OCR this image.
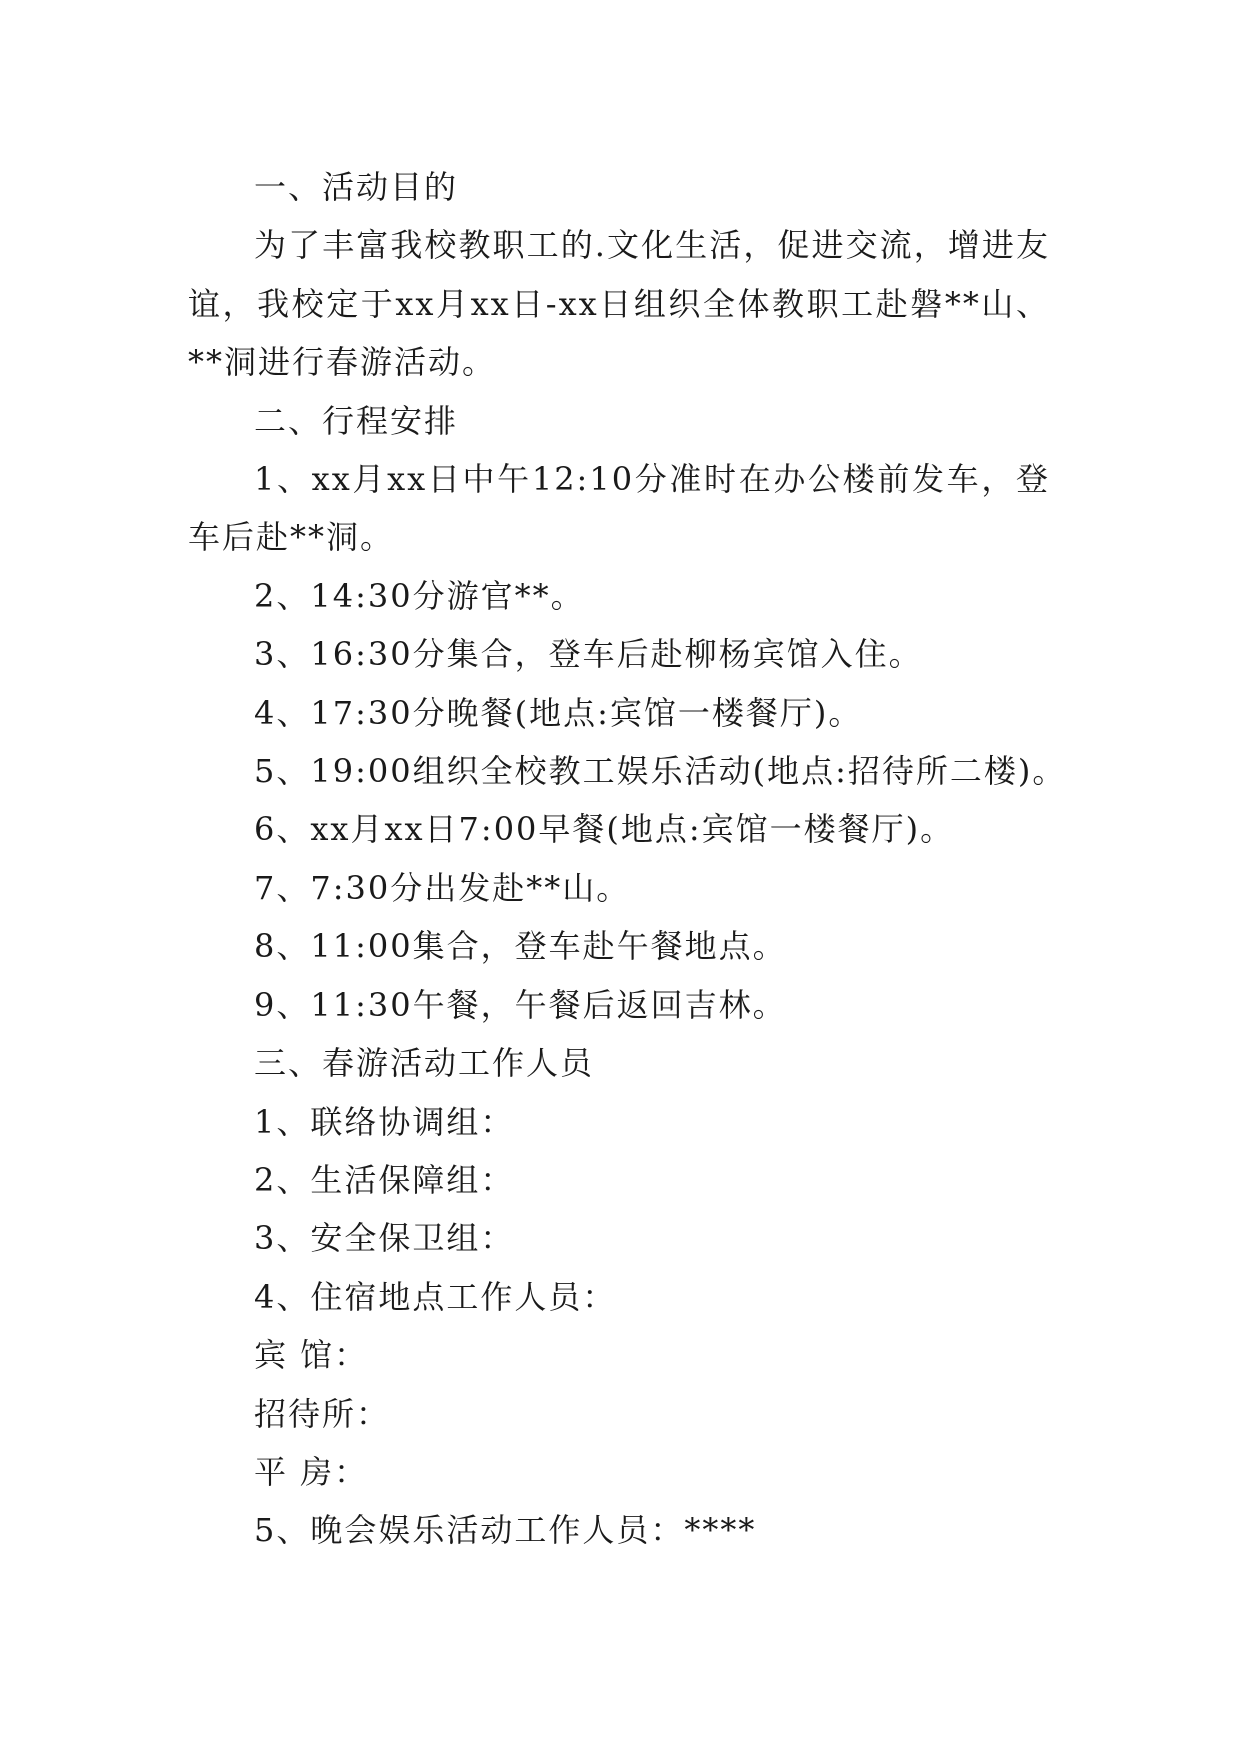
一、活动目的

为了丰富我校教职工的.文化生活，促进交流，增进友谊，我校定于xx月xx日-xx日组织全体教职工赴磐**山、**洞进行春游活动。

二、行程安排

1、xx月xx日中午12:10分准时在办公楼前发车，登车后赴**洞。

2、14:30分游官**。

3、16:30分集合，登车后赴柳杨宾馆入住。

4、17:30分晚餐(地点:宾馆一楼餐厅)。

5、19:00组织全校教工娱乐活动(地点:招待所二楼)。

6、xx月xx日7:00早餐(地点:宾馆一楼餐厅)。

7、7:30分出发赴**山。

8、11:00集合，登车赴午餐地点。

9、11:30午餐，午餐后返回吉林。

三、春游活动工作人员

1、联络协调组：

2、生活保障组：

3、安全保卫组：

4、住宿地点工作人员：

宾 馆：

招待所：

平 房：

5、晚会娱乐活动工作人员：****
